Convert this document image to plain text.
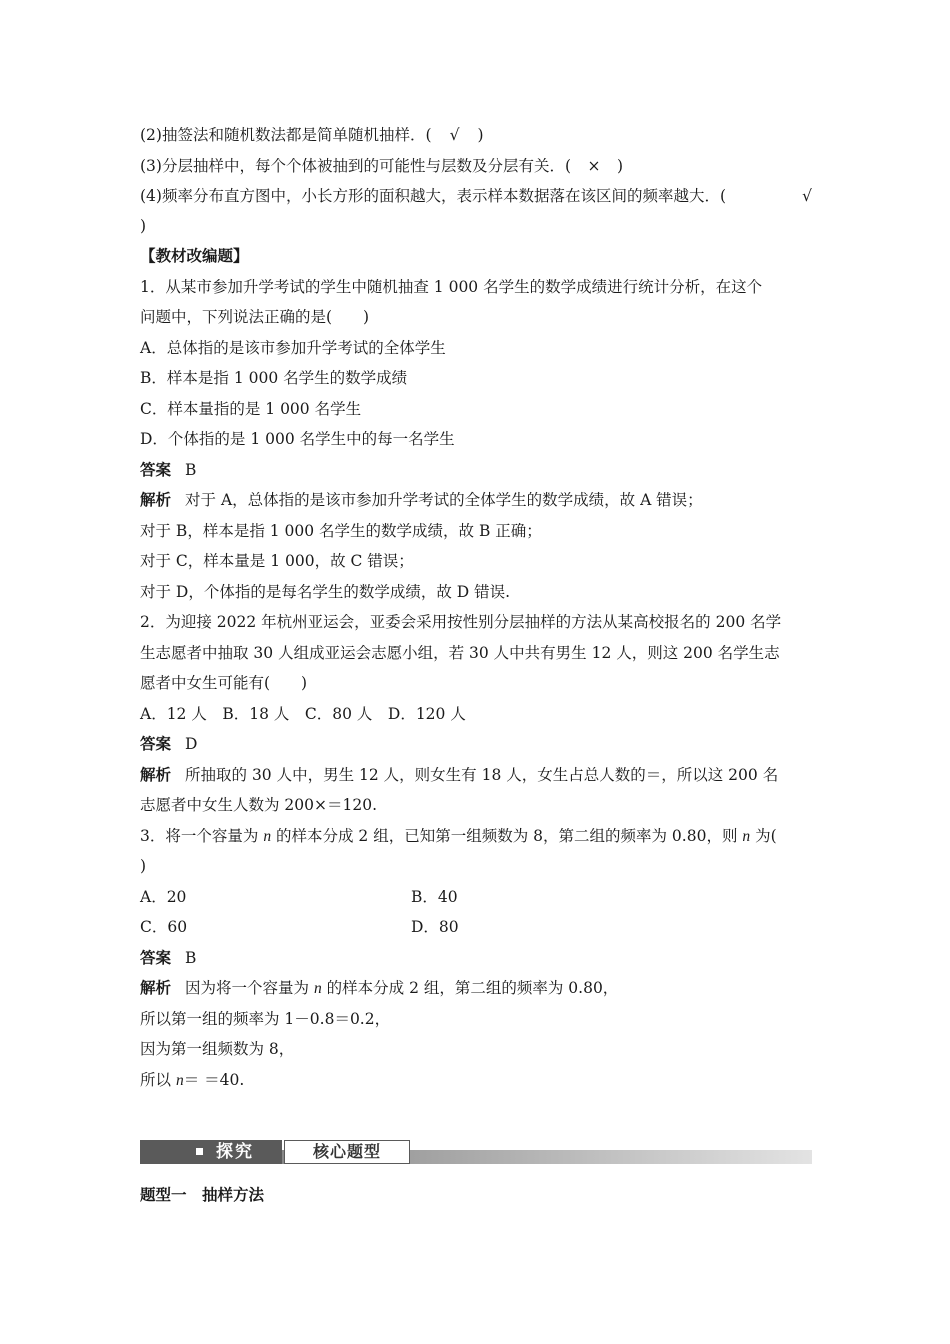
(2)抽签法和随机数法都是简单随机抽样．( √ )
(3)分层抽样中，每个个体被抽到的可能性与层数及分层有关．( × )
(4)频率分布直方图中，小长方形的面积越大，表示样本数据落在该区间的频率越大．(	√
)
【教材改编题】
1．从某市参加升学考试的学生中随机抽查 1 000 名学生的数学成绩进行统计分析，在这个
问题中，下列说法正确的是(　　)
A．总体指的是该市参加升学考试的全体学生
B．样本是指 1 000 名学生的数学成绩
C．样本量指的是 1 000 名学生
D．个体指的是 1 000 名学生中的每一名学生
答案 B
解析 对于 A，总体指的是该市参加升学考试的全体学生的数学成绩，故 A 错误；
对于 B，样本是指 1 000 名学生的数学成绩，故 B 正确；
对于 C，样本量是 1 000，故 C 错误；
对于 D，个体指的是每名学生的数学成绩，故 D 错误.
2．为迎接 2022 年杭州亚运会，亚委会采用按性别分层抽样的方法从某高校报名的 200 名学
生志愿者中抽取 30 人组成亚运会志愿小组，若 30 人中共有男生 12 人，则这 200 名学生志
愿者中女生可能有(　　)
A．12 人　B．18 人　C．80 人　D．120 人
答案 D
解析 所抽取的 30 人中，男生 12 人，则女生有 18 人，女生占总人数的＝，所以这 200 名
志愿者中女生人数为 200×＝120.
3．将一个容量为 n 的样本分成 2 组，已知第一组频数为 8，第二组的频率为 0.80，则 n 为(
)
A．20	B．40
C．60	D．80
答案 B
解析 因为将一个容量为 n 的样本分成 2 组，第二组的频率为 0.80，
所以第一组的频率为 1－0.8＝0.2，
因为第一组频数为 8，
所以 n＝ ＝40.
题型一　抽样方法
探究	核心题型
